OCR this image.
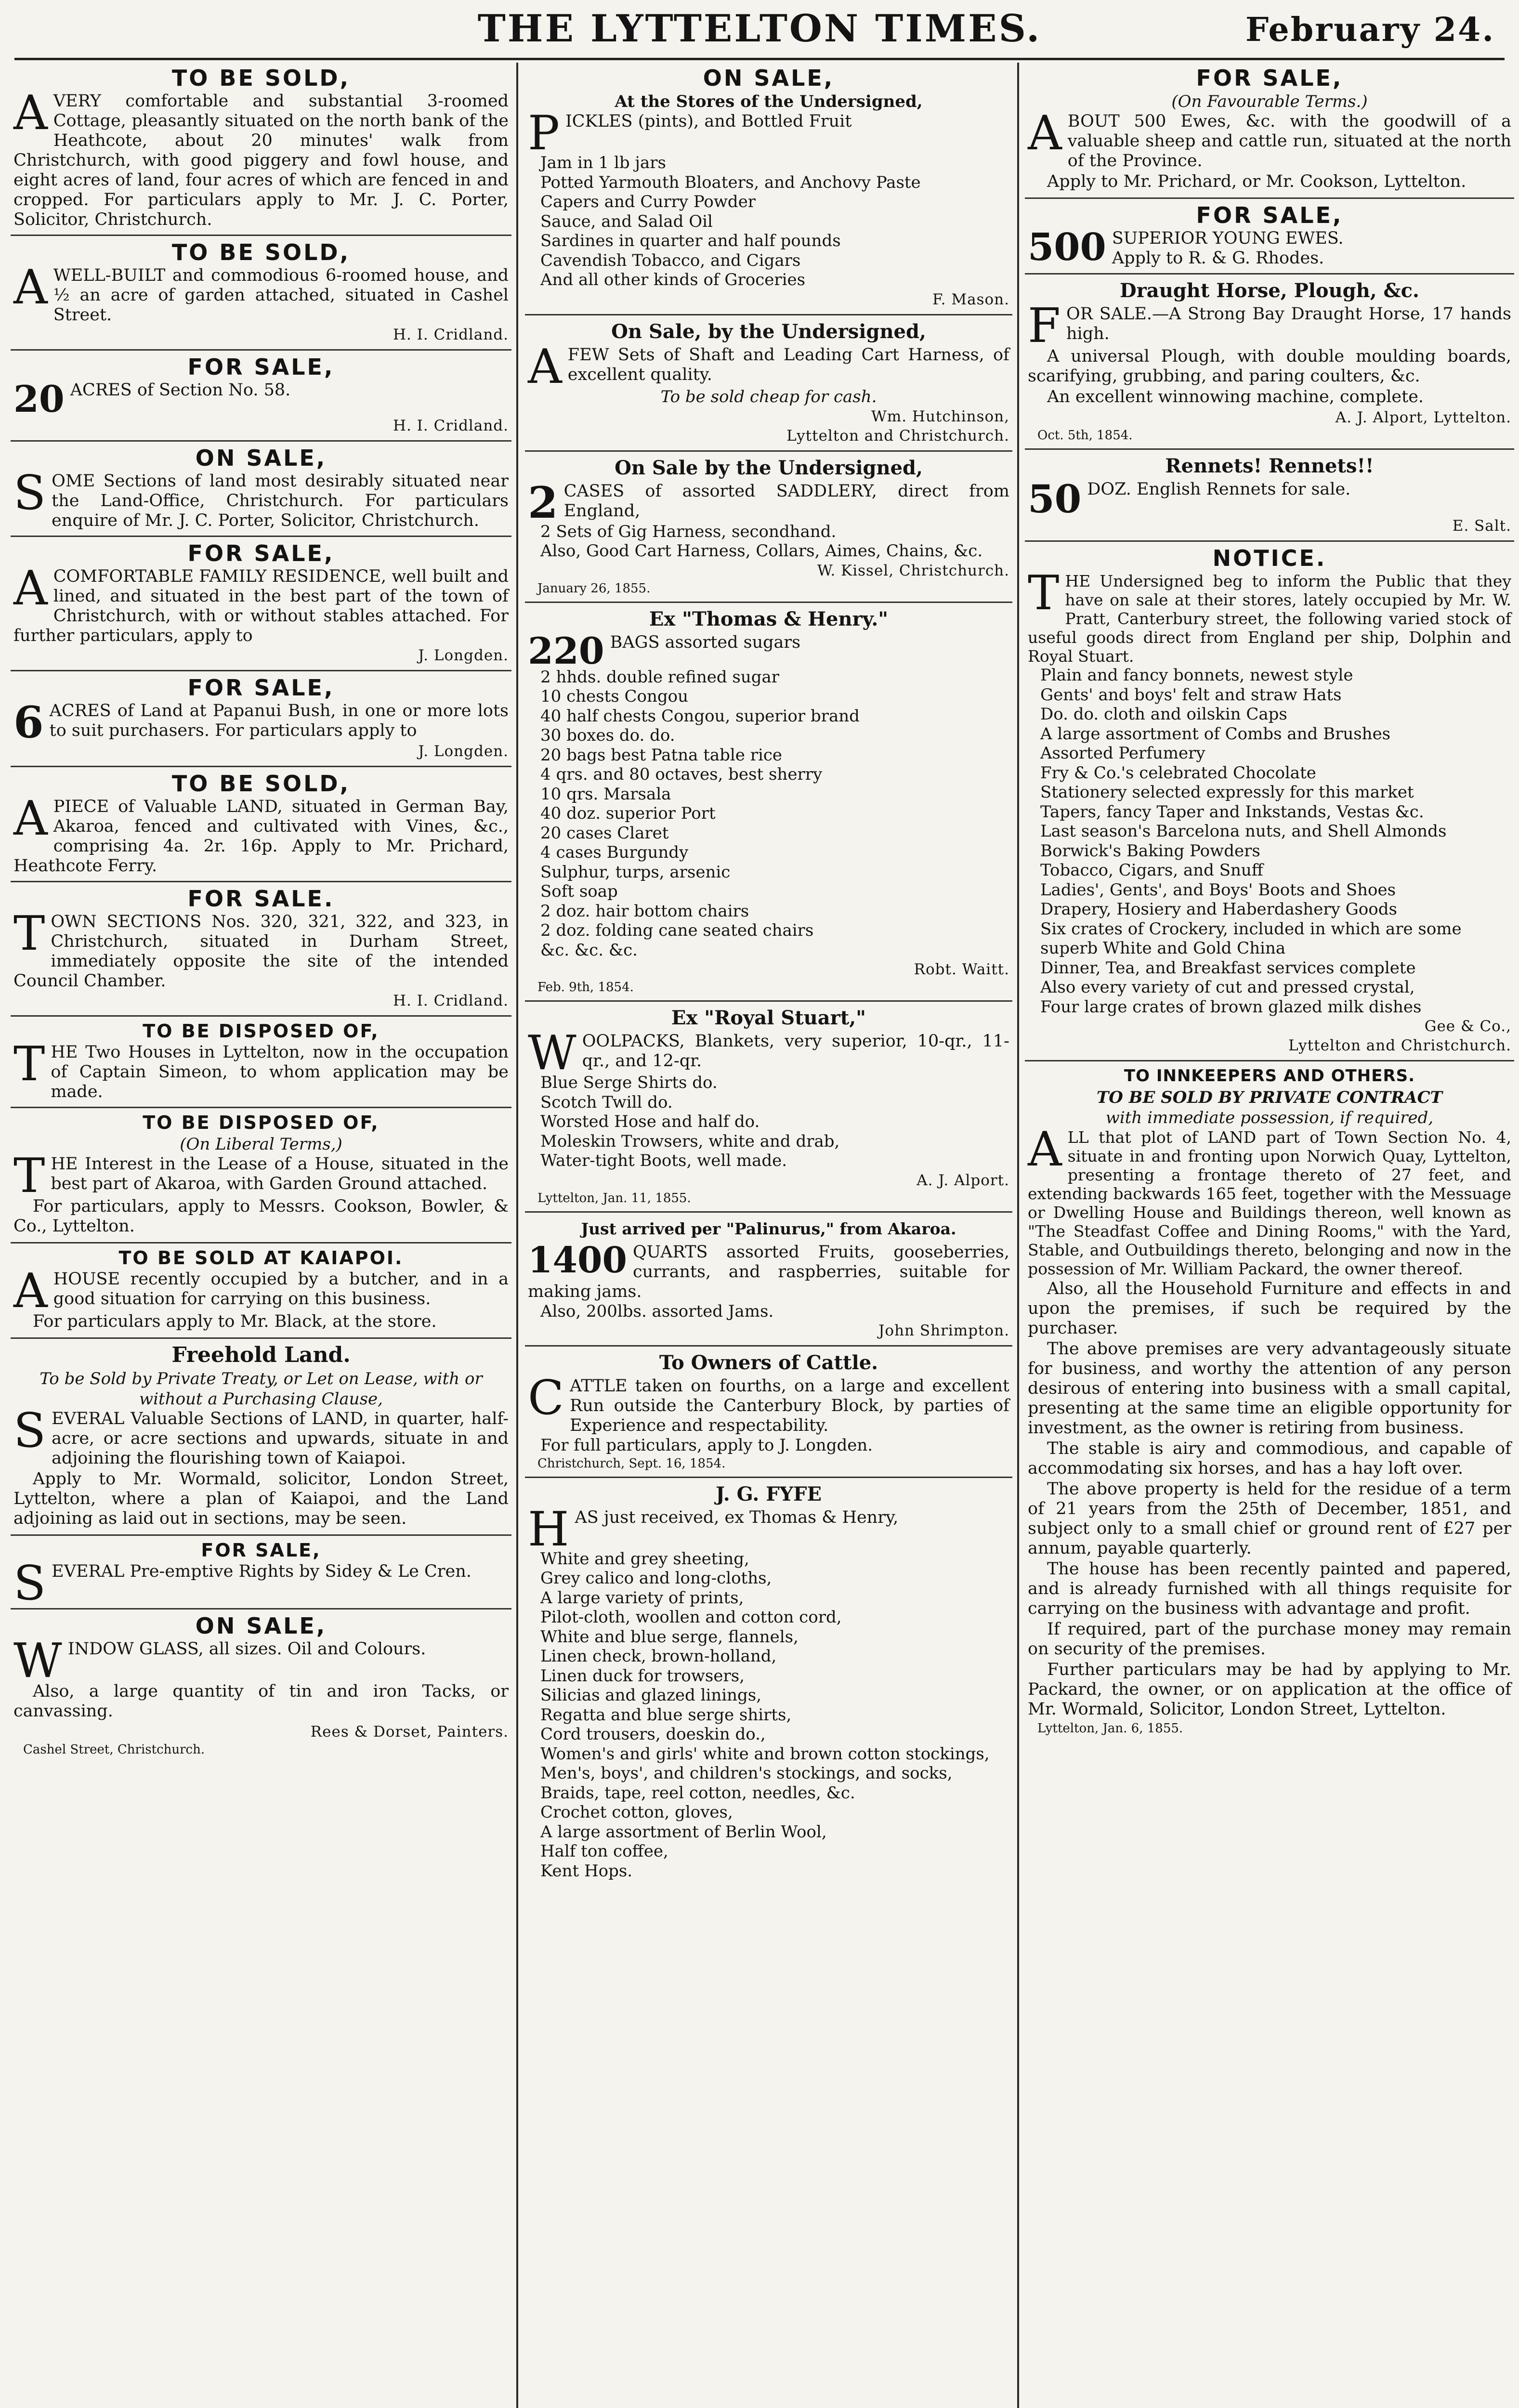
THE LYTTELTON TIMES.	February 24.
TO BE SOLD,
AVERY comfortable and substantial 3-roomed Cottage, pleasantly situated on the north bank of the Heathcote, about 20 minutes' walk from Christchurch, with good piggery and fowl house, and eight acres of land, four acres of which are fenced in and cropped. For particulars apply to Mr. J. C. Porter, Solicitor, Christchurch.
TO BE SOLD,
AWELL-BUILT and commodious 6-roomed house, and ½ an acre of garden attached, situated in Cashel Street.
H. I. Cridland.
FOR SALE,
20 ACRES of Section No. 58.
H. I. Cridland.
ON SALE,
SOME Sections of land most desirably situated near the Land-Office, Christchurch. For particulars enquire of Mr. J. C. Porter, Solicitor, Christchurch.
FOR SALE,
ACOMFORTABLE FAMILY RESIDENCE, well built and lined, and situated in the best part of the town of Christchurch, with or without stables attached. For further particulars, apply to
J. Longden.
FOR SALE,
6 ACRES of Land at Papanui Bush, in one or more lots to suit purchasers. For particulars apply to
J. Longden.
TO BE SOLD,
APIECE of Valuable LAND, situated in German Bay, Akaroa, fenced and cultivated with Vines, &c., comprising 4a. 2r. 16p. Apply to Mr. Prichard, Heathcote Ferry.
FOR SALE.
TOWN SECTIONS Nos. 320, 321, 322, and 323, in Christchurch, situated in Durham Street, immediately opposite the site of the intended Council Chamber.
H. I. Cridland.
TO BE DISPOSED OF,
THE Two Houses in Lyttelton, now in the occupation of Captain Simeon, to whom application may be made.
TO BE DISPOSED OF,
(On Liberal Terms,)
THE Interest in the Lease of a House, situated in the best part of Akaroa, with Garden Ground attached.
For particulars, apply to Messrs. Cookson, Bowler, & Co., Lyttelton.
TO BE SOLD AT KAIAPOI.
AHOUSE recently occupied by a butcher, and in a good situation for carrying on this business.
For particulars apply to Mr. Black, at the store.
Freehold Land.
To be Sold by Private Treaty, or Let on Lease, with or without a Purchasing Clause,
SEVERAL Valuable Sections of LAND, in quarter, half-acre, or acre sections and upwards, situate in and adjoining the flourishing town of Kaiapoi.
Apply to Mr. Wormald, solicitor, London Street, Lyttelton, where a plan of Kaiapoi, and the Land adjoining as laid out in sections, may be seen.
FOR SALE,
SEVERAL Pre-emptive Rights by Sidey & Le Cren.
ON SALE,
WINDOW GLASS, all sizes. Oil and Colours.
Also, a large quantity of tin and iron Tacks, or canvassing.
Rees & Dorset, Painters.
Cashel Street, Christchurch.
ON SALE,
At the Stores of the Undersigned,
PICKLES (pints), and Bottled Fruit
Jam in 1 lb jars
Potted Yarmouth Bloaters, and Anchovy Paste
Capers and Curry Powder
Sauce, and Salad Oil
Sardines in quarter and half pounds
Cavendish Tobacco, and Cigars
And all other kinds of Groceries
F. Mason.
On Sale, by the Undersigned,
AFEW Sets of Shaft and Leading Cart Harness, of excellent quality.
To be sold cheap for cash.
Wm. Hutchinson,
Lyttelton and Christchurch.
On Sale by the Undersigned,
2 CASES of assorted SADDLERY, direct from England,
2 Sets of Gig Harness, secondhand.
Also, Good Cart Harness, Collars, Aimes, Chains, &c.
W. Kissel, Christchurch.
January 26, 1855.
Ex "Thomas & Henry."
220 BAGS assorted sugars
2 hhds. double refined sugar
10 chests Congou
40 half chests Congou, superior brand
30 boxes do. do.
20 bags best Patna table rice
4 qrs. and 80 octaves, best sherry
10 qrs. Marsala
40 doz. superior Port
20 cases Claret
4 cases Burgundy
Sulphur, turps, arsenic
Soft soap
2 doz. hair bottom chairs
2 doz. folding cane seated chairs
&c. &c. &c.
Robt. Waitt.
Feb. 9th, 1854.
Ex "Royal Stuart,"
WOOLPACKS, Blankets, very superior, 10-qr., 11-qr., and 12-qr.
Blue Serge Shirts do.
Scotch Twill do.
Worsted Hose and half do.
Moleskin Trowsers, white and drab,
Water-tight Boots, well made.
A. J. Alport.
Lyttelton, Jan. 11, 1855.
Just arrived per "Palinurus," from Akaroa.
1400 QUARTS assorted Fruits, gooseberries, currants, and raspberries, suitable for making jams.
Also, 200lbs. assorted Jams.
John Shrimpton.
To Owners of Cattle.
CATTLE taken on fourths, on a large and excellent Run outside the Canterbury Block, by parties of Experience and respectability.
For full particulars, apply to J. Longden.
Christchurch, Sept. 16, 1854.
J. G. FYFE
HAS just received, ex Thomas & Henry,
White and grey sheeting,
Grey calico and long-cloths,
A large variety of prints,
Pilot-cloth, woollen and cotton cord,
White and blue serge, flannels,
Linen check, brown-holland,
Linen duck for trowsers,
Silicias and glazed linings,
Regatta and blue serge shirts,
Cord trousers, doeskin do.,
Women's and girls' white and brown cotton stockings,
Men's, boys', and children's stockings, and socks,
Braids, tape, reel cotton, needles, &c.
Crochet cotton, gloves,
A large assortment of Berlin Wool,
Half ton coffee,
Kent Hops.
FOR SALE,
(On Favourable Terms.)
ABOUT 500 Ewes, &c. with the goodwill of a valuable sheep and cattle run, situated at the north of the Province.
Apply to Mr. Prichard, or Mr. Cookson, Lyttelton.
FOR SALE,
500 SUPERIOR YOUNG EWES.
Apply to R. & G. Rhodes.
Draught Horse, Plough, &c.
FOR SALE.—A Strong Bay Draught Horse, 17 hands high.
A universal Plough, with double moulding boards, scarifying, grubbing, and paring coulters, &c.
An excellent winnowing machine, complete.
A. J. Alport, Lyttelton.
Oct. 5th, 1854.
Rennets! Rennets!!
50 DOZ. English Rennets for sale.
E. Salt.
NOTICE.
THE Undersigned beg to inform the Public that they have on sale at their stores, lately occupied by Mr. W. Pratt, Canterbury street, the following varied stock of useful goods direct from England per ship, Dolphin and Royal Stuart.
Plain and fancy bonnets, newest style
Gents' and boys' felt and straw Hats
Do. do. cloth and oilskin Caps
A large assortment of Combs and Brushes
Assorted Perfumery
Fry & Co.'s celebrated Chocolate
Stationery selected expressly for this market
Tapers, fancy Taper and Inkstands, Vestas &c.
Last season's Barcelona nuts, and Shell Almonds
Borwick's Baking Powders
Tobacco, Cigars, and Snuff
Ladies', Gents', and Boys' Boots and Shoes
Drapery, Hosiery and Haberdashery Goods
Six crates of Crockery, included in which are some superb White and Gold China
Dinner, Tea, and Breakfast services complete
Also every variety of cut and pressed crystal,
Four large crates of brown glazed milk dishes
Gee & Co.,
Lyttelton and Christchurch.
TO INNKEEPERS AND OTHERS.
TO BE SOLD BY PRIVATE CONTRACT
with immediate possession, if required,
ALL that plot of LAND part of Town Section No. 4, situate in and fronting upon Norwich Quay, Lyttelton, presenting a frontage thereto of 27 feet, and extending backwards 165 feet, together with the Messuage or Dwelling House and Buildings thereon, well known as "The Steadfast Coffee and Dining Rooms," with the Yard, Stable, and Outbuildings thereto, belonging and now in the possession of Mr. William Packard, the owner thereof.
Also, all the Household Furniture and effects in and upon the premises, if such be required by the purchaser.
The above premises are very advantageously situate for business, and worthy the attention of any person desirous of entering into business with a small capital, presenting at the same time an eligible opportunity for investment, as the owner is retiring from business.
The stable is airy and commodious, and capable of accommodating six horses, and has a hay loft over.
The above property is held for the residue of a term of 21 years from the 25th of December, 1851, and subject only to a small chief or ground rent of £27 per annum, payable quarterly.
The house has been recently painted and papered, and is already furnished with all things requisite for carrying on the business with advantage and profit.
If required, part of the purchase money may remain on security of the premises.
Further particulars may be had by applying to Mr. Packard, the owner, or on application at the office of Mr. Wormald, Solicitor, London Street, Lyttelton.
Lyttelton, Jan. 6, 1855.
